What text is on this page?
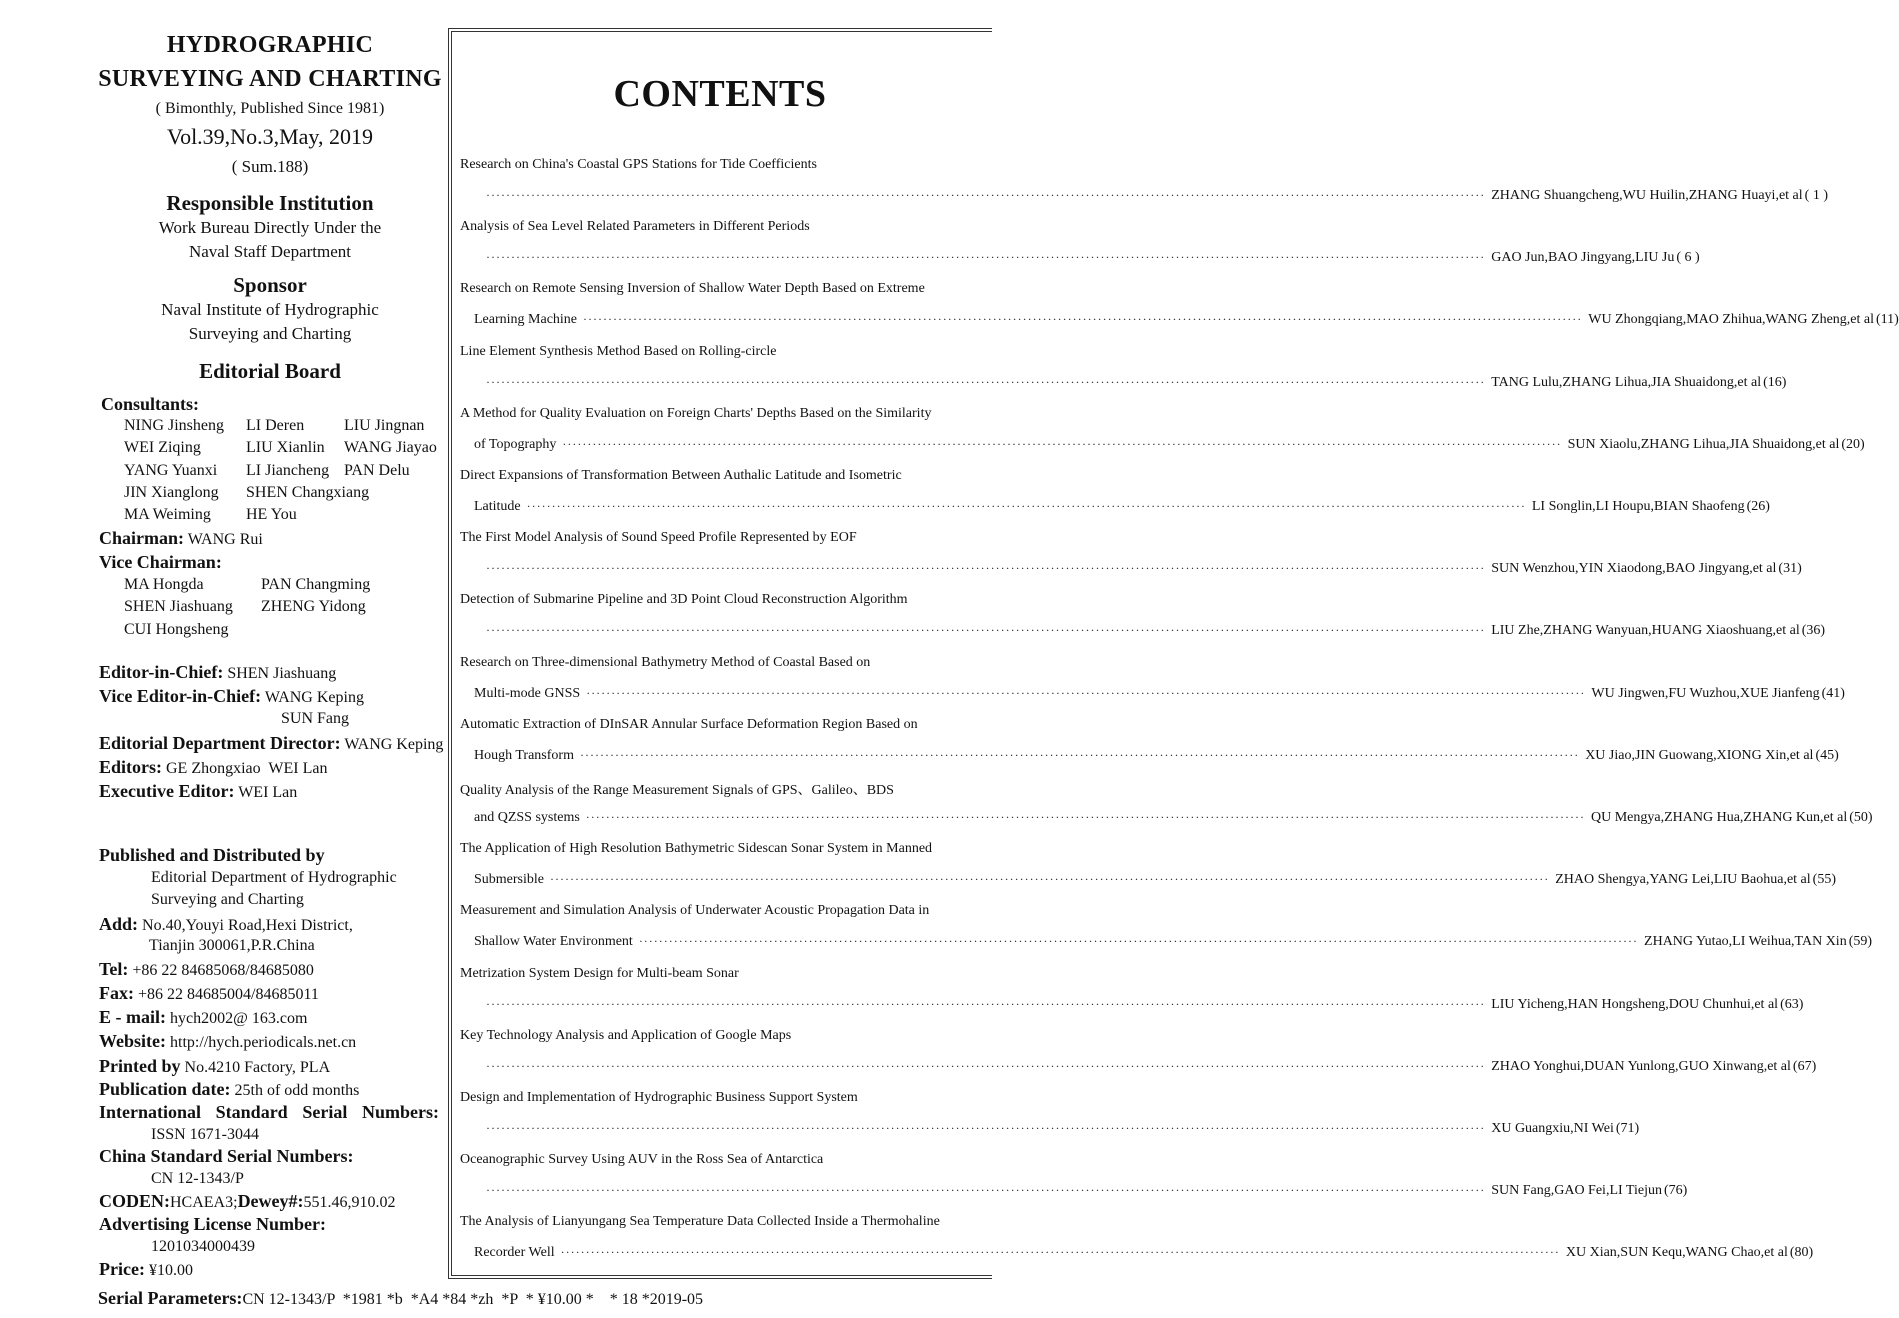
HYDROGRAPHIC
SURVEYING AND CHARTING
( Bimonthly, Published Since 1981)
Vol.39,No.3,May, 2019
( Sum.188)
Responsible Institution
Work Bureau Directly Under the
Naval Staff Department
Sponsor
Naval Institute of Hydrographic
Surveying and Charting
Editorial Board
Consultants:
NING Jinsheng LI Deren LIU Jingnan
WEI Ziqing	LIU Xianlin WANG Jiayao
YANG Yuanxi LI Jiancheng PAN Delu
JIN Xianglong SHEN Changxiang
MA Weiming HE You
Chairman: WANG Rui
Vice Chairman:
MA Hongda	PAN Changming
SHEN Jiashuang ZHENG Yidong
CUI Hongsheng
Editor-in-Chief: SHEN Jiashuang
Vice Editor-in-Chief: WANG Keping
SUN Fang
Editorial Department Director: WANG Keping
Editors: GE Zhongxiao  WEI Lan
Executive Editor: WEI Lan
Published and Distributed by
Editorial Department of Hydrographic
Surveying and Charting
Add: No.40,Youyi Road,Hexi District,
Tianjin 300061,P.R.China
Tel: +86 22 84685068/84685080
Fax: +86 22 84685004/84685011
E - mail: hych2002@ 163.com
Website: http://hych.periodicals.net.cn
Printed by No.4210 Factory, PLA
Publication date: 25th of odd months
International Standard Serial Numbers:
ISSN 1671-3044
China Standard Serial Numbers:
CN 12-1343/P
CODEN:HCAEA3;Dewey#:551.46,910.02
Advertising License Number:
1201034000439
Price: ¥10.00
CONTENTS
Research on China's Coastal GPS Stations for Tide Coefficients
········································································································································································································ ZHANG Shuangcheng,WU Huilin,ZHANG Huayi,et al ( 1 )
Analysis of Sea Level Related Parameters in Different Periods
········································································································································································································ GAO Jun,BAO Jingyang,LIU Ju ( 6 )
Research on Remote Sensing Inversion of Shallow Water Depth Based on Extreme
Learning Machine ········································································································································································································ WU Zhongqiang,MAO Zhihua,WANG Zheng,et al (11)
Line Element Synthesis Method Based on Rolling-circle
········································································································································································································ TANG Lulu,ZHANG Lihua,JIA Shuaidong,et al (16)
A Method for Quality Evaluation on Foreign Charts' Depths Based on the Similarity
of Topography ········································································································································································································ SUN Xiaolu,ZHANG Lihua,JIA Shuaidong,et al (20)
Direct Expansions of Transformation Between Authalic Latitude and Isometric
Latitude ········································································································································································································ LI Songlin,LI Houpu,BIAN Shaofeng (26)
The First Model Analysis of Sound Speed Profile Represented by EOF
········································································································································································································ SUN Wenzhou,YIN Xiaodong,BAO Jingyang,et al (31)
Detection of Submarine Pipeline and 3D Point Cloud Reconstruction Algorithm
········································································································································································································ LIU Zhe,ZHANG Wanyuan,HUANG Xiaoshuang,et al (36)
Research on Three-dimensional Bathymetry Method of Coastal Based on
Multi-mode GNSS ········································································································································································································ WU Jingwen,FU Wuzhou,XUE Jianfeng (41)
Automatic Extraction of DInSAR Annular Surface Deformation Region Based on
Hough Transform ········································································································································································································ XU Jiao,JIN Guowang,XIONG Xin,et al (45)
Quality Analysis of the Range Measurement Signals of GPS、Galileo、BDS
and QZSS systems ········································································································································································································ QU Mengya,ZHANG Hua,ZHANG Kun,et al (50)
The Application of High Resolution Bathymetric Sidescan Sonar System in Manned
Submersible ········································································································································································································ ZHAO Shengya,YANG Lei,LIU Baohua,et al (55)
Measurement and Simulation Analysis of Underwater Acoustic Propagation Data in
Shallow Water Environment ········································································································································································································ ZHANG Yutao,LI Weihua,TAN Xin (59)
Metrization System Design for Multi-beam Sonar
········································································································································································································ LIU Yicheng,HAN Hongsheng,DOU Chunhui,et al (63)
Key Technology Analysis and Application of Google Maps
········································································································································································································ ZHAO Yonghui,DUAN Yunlong,GUO Xinwang,et al (67)
Design and Implementation of Hydrographic Business Support System
········································································································································································································ XU Guangxiu,NI Wei (71)
Oceanographic Survey Using AUV in the Ross Sea of Antarctica
········································································································································································································ SUN Fang,GAO Fei,LI Tiejun (76)
The Analysis of Lianyungang Sea Temperature Data Collected Inside a Thermohaline
Recorder Well ········································································································································································································ XU Xian,SUN Kequ,WANG Chao,et al (80)
Serial Parameters:CN 12-1343/P  *1981 *b  *A4 *84 *zh  *P  * ¥10.00 *    * 18 *2019-05
